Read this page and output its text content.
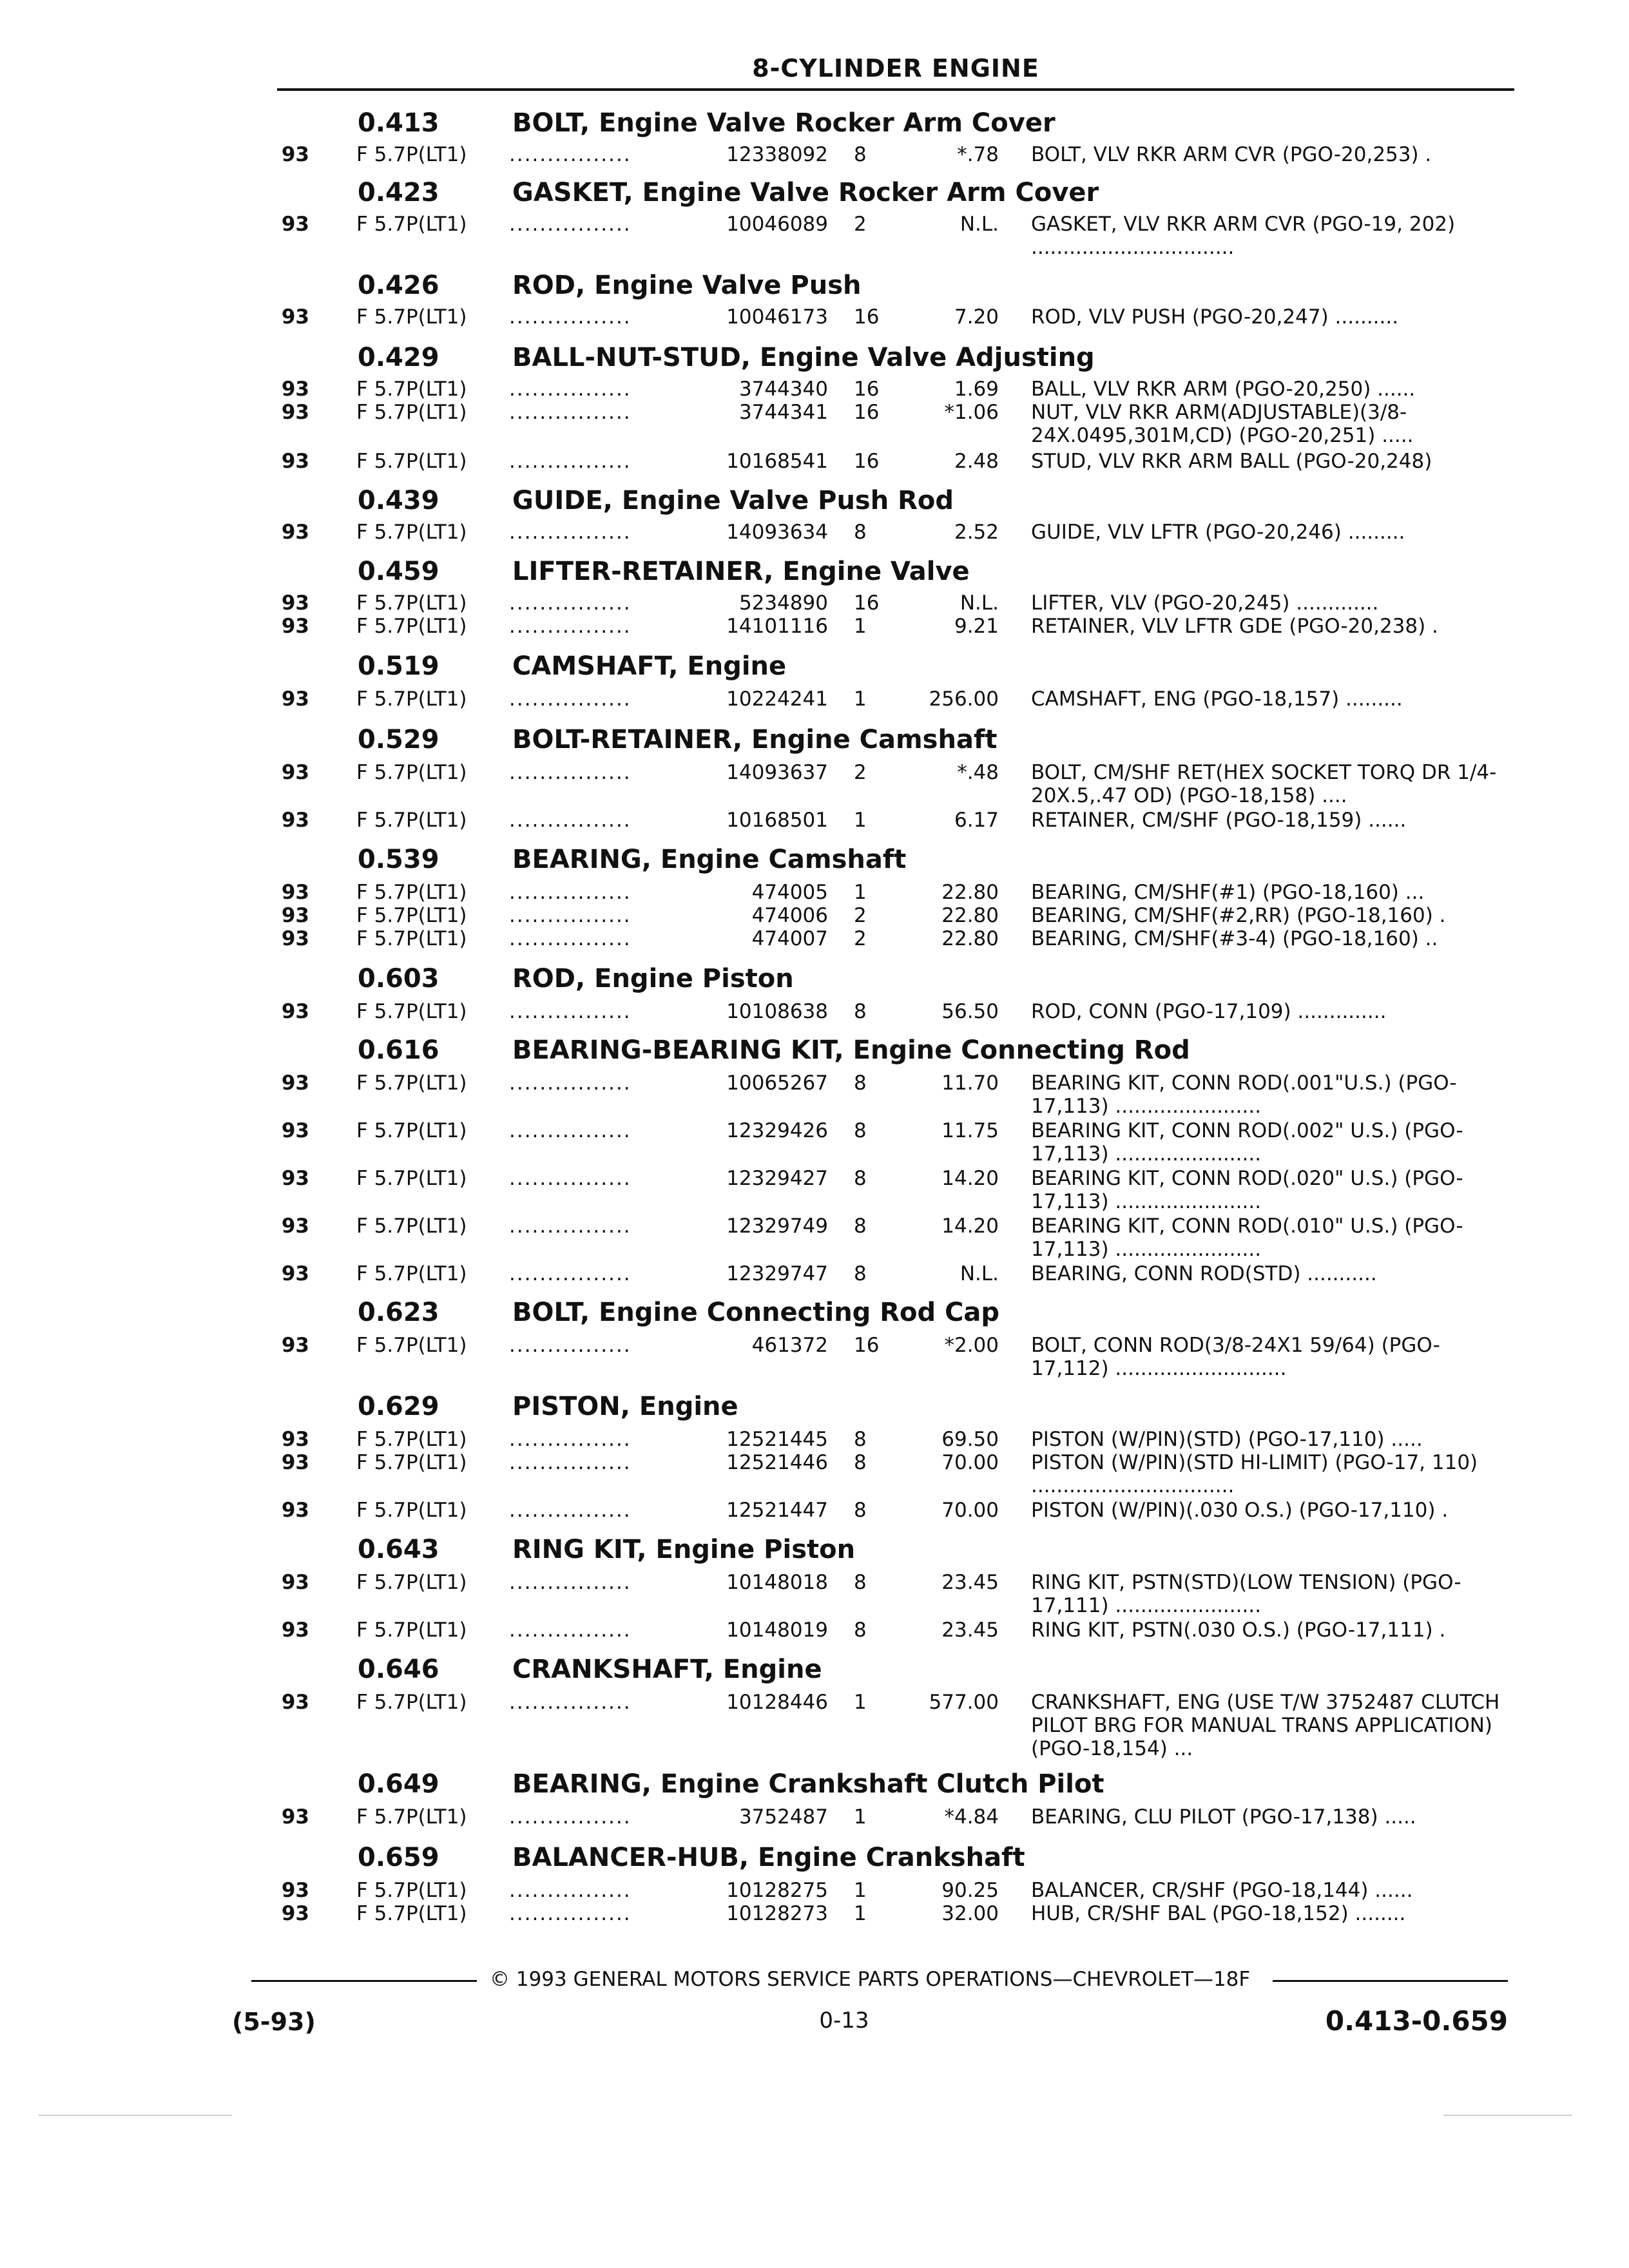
8-CYLINDER ENGINE
0.413	BOLT, Engine Valve Rocker Arm Cover
93 F 5.7P(LT1) ................	12338092 8	*.78 BOLT, VLV RKR ARM CVR (PGO-20,253) .
0.423	GASKET, Engine Valve Rocker Arm Cover
93 F 5.7P(LT1) ................	10046089 2	N.L. GASKET, VLV RKR ARM CVR (PGO-19, 202) ................................
0.426	ROD, Engine Valve Push
93 F 5.7P(LT1) ................	10046173 16	7.20 ROD, VLV PUSH (PGO-20,247) ..........
0.429	BALL-NUT-STUD, Engine Valve Adjusting
93 F 5.7P(LT1) ................	3744340 16	1.69 BALL, VLV RKR ARM (PGO-20,250) ......
93 F 5.7P(LT1) ................	3744341 16	*1.06 NUT, VLV RKR ARM(ADJUSTABLE)(3/8-24X.0495,301M,CD) (PGO-20,251) .....
93 F 5.7P(LT1) ................	10168541 16	2.48 STUD, VLV RKR ARM BALL (PGO-20,248)
0.439	GUIDE, Engine Valve Push Rod
93 F 5.7P(LT1) ................	14093634 8	2.52 GUIDE, VLV LFTR (PGO-20,246) .........
0.459	LIFTER-RETAINER, Engine Valve
93 F 5.7P(LT1) ................	5234890 16	N.L. LIFTER, VLV (PGO-20,245) .............
93 F 5.7P(LT1) ................	14101116 1	9.21 RETAINER, VLV LFTR GDE (PGO-20,238) .
0.519	CAMSHAFT, Engine
93 F 5.7P(LT1) ................	10224241 1	256.00 CAMSHAFT, ENG (PGO-18,157) .........
0.529	BOLT-RETAINER, Engine Camshaft
93 F 5.7P(LT1) ................	14093637 2	*.48 BOLT, CM/SHF RET(HEX SOCKET TORQ DR 1/4-20X.5,.47 OD) (PGO-18,158) ....
93 F 5.7P(LT1) ................	10168501 1	6.17 RETAINER, CM/SHF (PGO-18,159) ......
0.539	BEARING, Engine Camshaft
93 F 5.7P(LT1) ................	474005 1	22.80 BEARING, CM/SHF(#1) (PGO-18,160) ...
93 F 5.7P(LT1) ................	474006 2	22.80 BEARING, CM/SHF(#2,RR) (PGO-18,160) .
93 F 5.7P(LT1) ................	474007 2	22.80 BEARING, CM/SHF(#3-4) (PGO-18,160) ..
0.603	ROD, Engine Piston
93 F 5.7P(LT1) ................	10108638 8	56.50 ROD, CONN (PGO-17,109) ..............
0.616	BEARING-BEARING KIT, Engine Connecting Rod
93 F 5.7P(LT1) ................	10065267 8	11.70 BEARING KIT, CONN ROD(.001"U.S.) (PGO-17,113) .......................
93 F 5.7P(LT1) ................	12329426 8	11.75 BEARING KIT, CONN ROD(.002" U.S.) (PGO-17,113) .......................
93 F 5.7P(LT1) ................	12329427 8	14.20 BEARING KIT, CONN ROD(.020" U.S.) (PGO-17,113) .......................
93 F 5.7P(LT1) ................	12329749 8	14.20 BEARING KIT, CONN ROD(.010" U.S.) (PGO-17,113) .......................
93 F 5.7P(LT1) ................	12329747 8	N.L. BEARING, CONN ROD(STD) ...........
0.623	BOLT, Engine Connecting Rod Cap
93 F 5.7P(LT1) ................	461372 16	*2.00 BOLT, CONN ROD(3/8-24X1 59/64) (PGO-17,112) ...........................
0.629	PISTON, Engine
93 F 5.7P(LT1) ................	12521445 8	69.50 PISTON (W/PIN)(STD) (PGO-17,110) .....
93 F 5.7P(LT1) ................	12521446 8	70.00 PISTON (W/PIN)(STD HI-LIMIT) (PGO-17, 110) ................................
93 F 5.7P(LT1) ................	12521447 8	70.00 PISTON (W/PIN)(.030 O.S.) (PGO-17,110) .
0.643	RING KIT, Engine Piston
93 F 5.7P(LT1) ................	10148018 8	23.45 RING KIT, PSTN(STD)(LOW TENSION) (PGO-17,111) .......................
93 F 5.7P(LT1) ................	10148019 8	23.45 RING KIT, PSTN(.030 O.S.) (PGO-17,111) .
0.646	CRANKSHAFT, Engine
93 F 5.7P(LT1) ................	10128446 1	577.00 CRANKSHAFT, ENG (USE T/W 3752487 CLUTCH PILOT BRG FOR MANUAL TRANS APPLICATION) (PGO-18,154) ...
0.649	BEARING, Engine Crankshaft Clutch Pilot
93 F 5.7P(LT1) ................	3752487 1	*4.84 BEARING, CLU PILOT (PGO-17,138) .....
0.659	BALANCER-HUB, Engine Crankshaft
93 F 5.7P(LT1) ................	10128275 1	90.25 BALANCER, CR/SHF (PGO-18,144) ......
93 F 5.7P(LT1) ................	10128273 1	32.00 HUB, CR/SHF BAL (PGO-18,152) ........
© 1993 GENERAL MOTORS SERVICE PARTS OPERATIONS—CHEVROLET—18F
(5-93)	0-13	0.413-0.659
